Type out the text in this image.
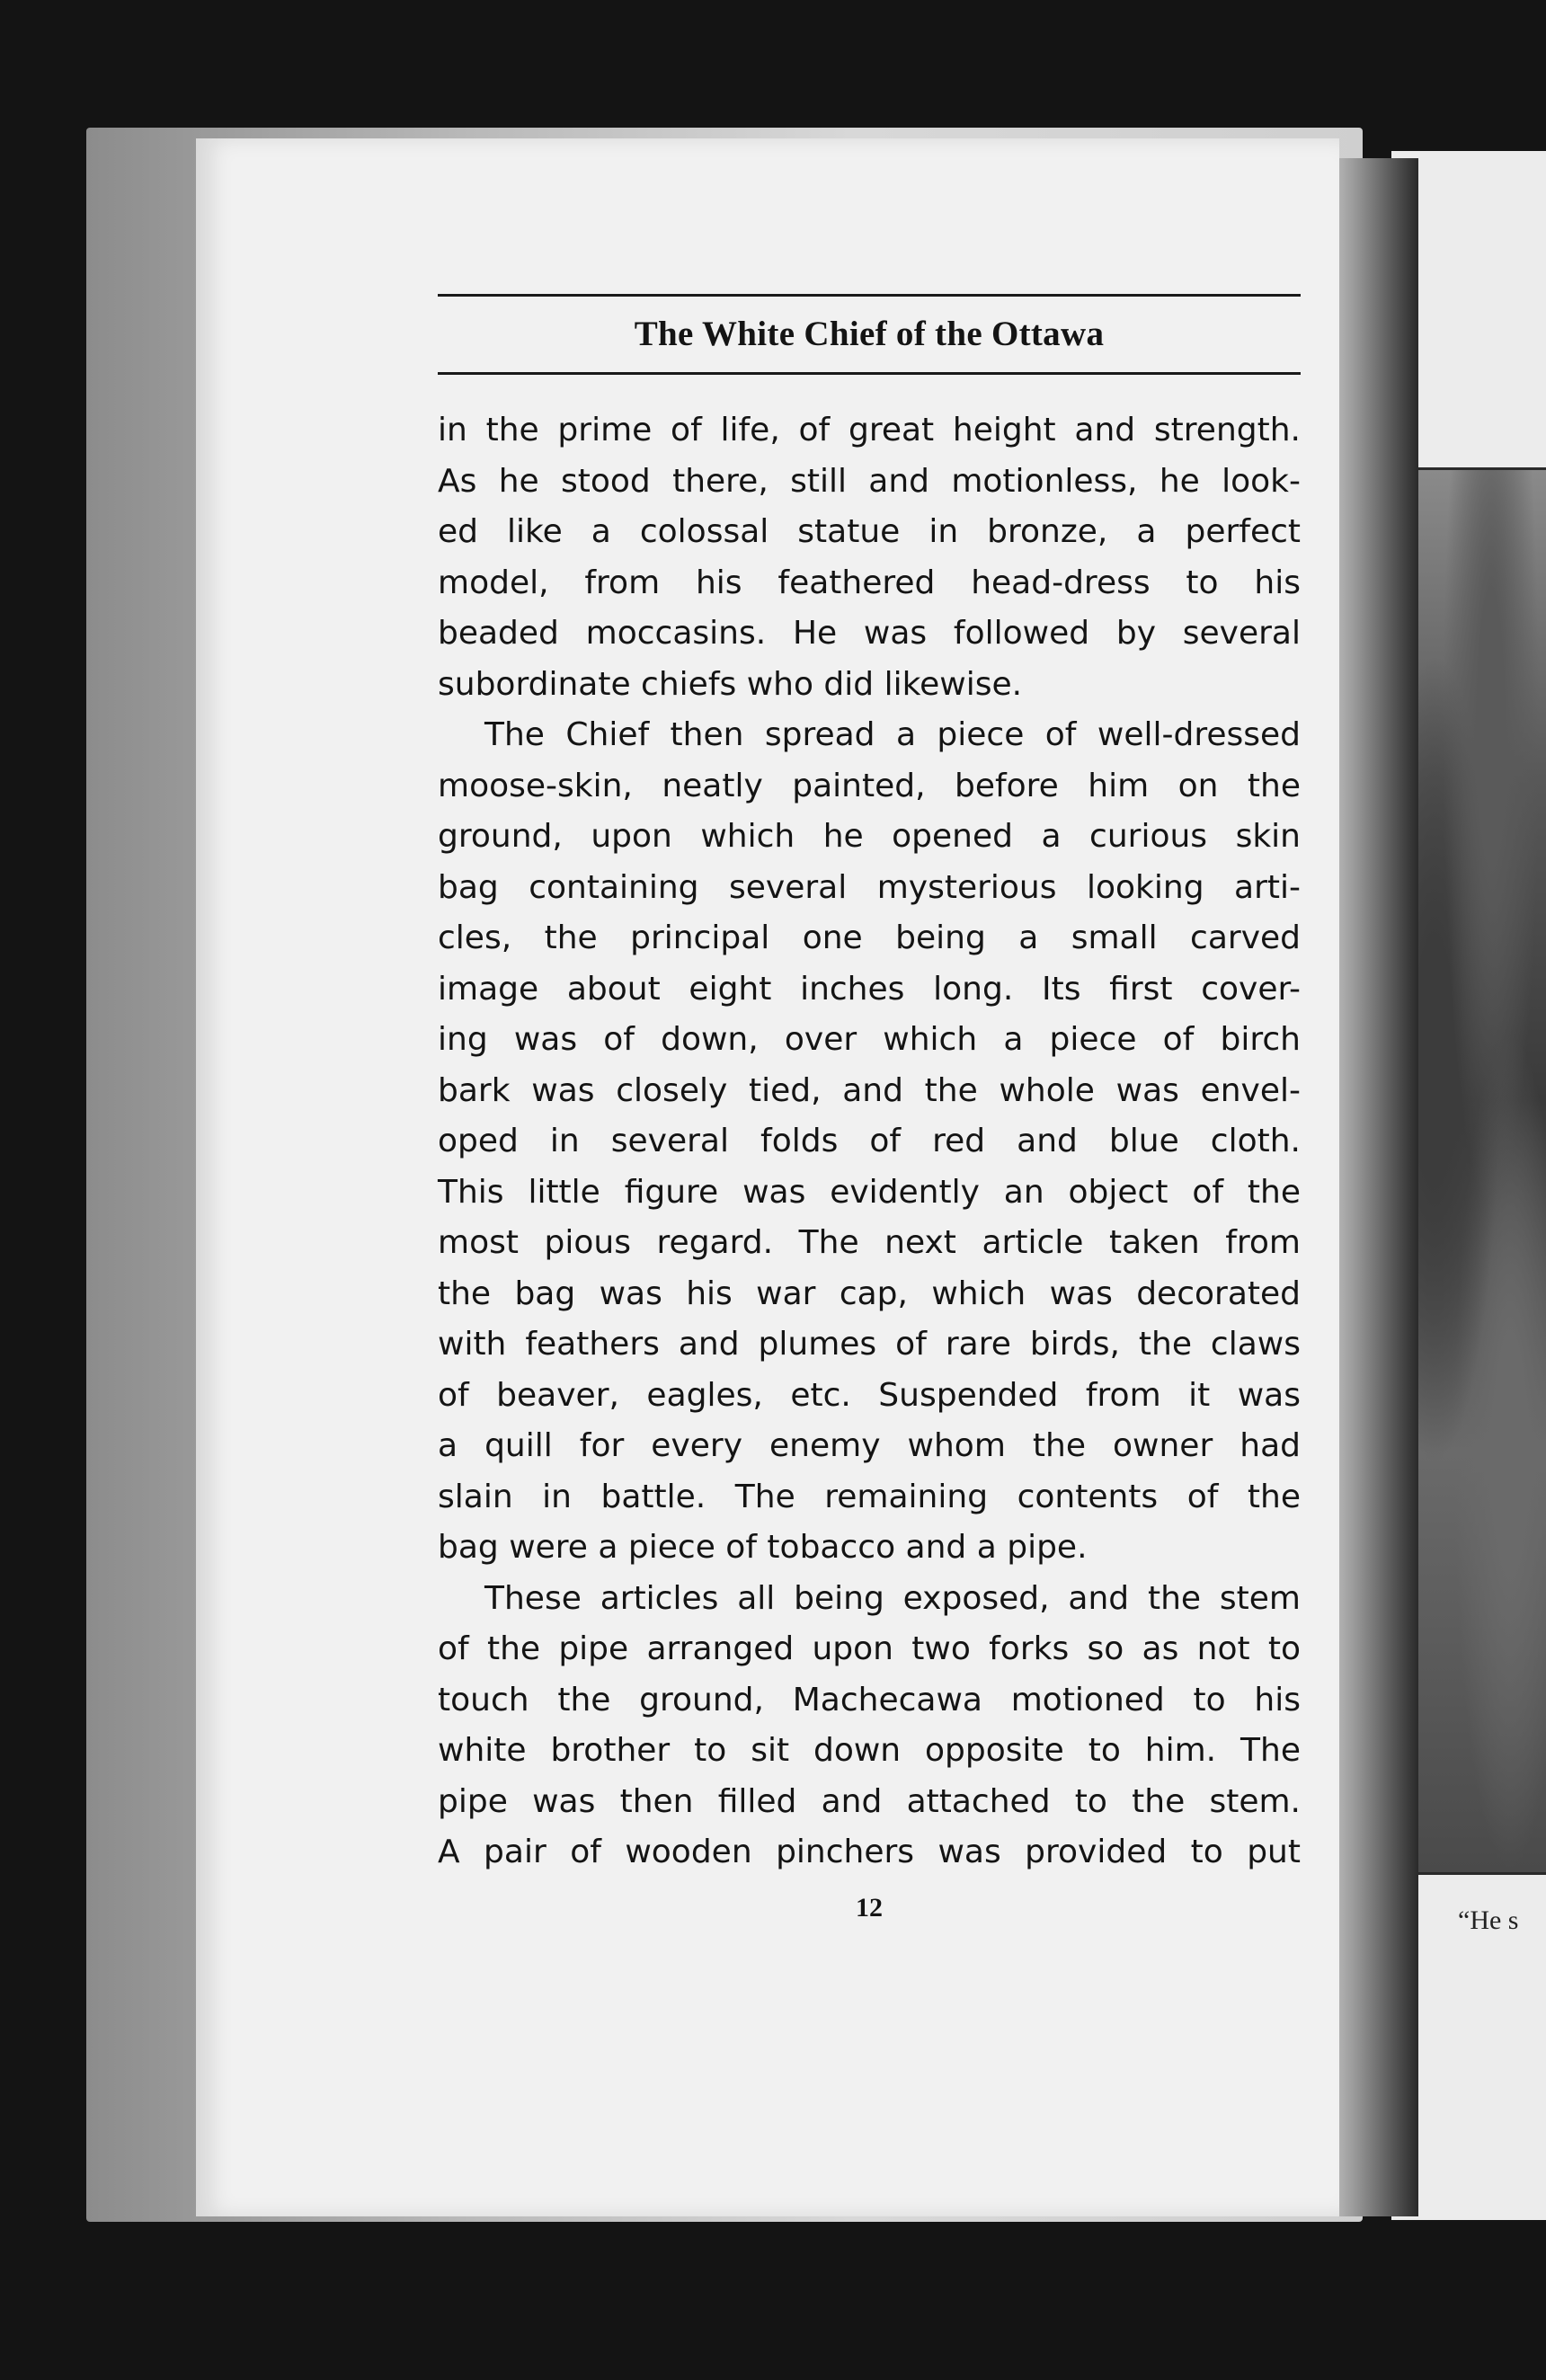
“He s
The White Chief of the Ottawa
in the prime of life, of great height and strength.
As he stood there, still and motionless, he look-
ed like a colossal statue in bronze, a perfect
model, from his feathered head-dress to his
beaded moccasins. He was followed by several
subordinate chiefs who did likewise.
The Chief then spread a piece of well-dressed
moose-skin, neatly painted, before him on the
ground, upon which he opened a curious skin
bag containing several mysterious looking arti-
cles, the principal one being a small carved
image about eight inches long. Its first cover-
ing was of down, over which a piece of birch
bark was closely tied, and the whole was envel-
oped in several folds of red and blue cloth.
This little figure was evidently an object of the
most pious regard. The next article taken from
the bag was his war cap, which was decorated
with feathers and plumes of rare birds, the claws
of beaver, eagles, etc. Suspended from it was
a quill for every enemy whom the owner had
slain in battle. The remaining contents of the
bag were a piece of tobacco and a pipe.
These articles all being exposed, and the stem
of the pipe arranged upon two forks so as not to
touch the ground, Machecawa motioned to his
white brother to sit down opposite to him. The
pipe was then filled and attached to the stem.
A pair of wooden pinchers was provided to put
12
